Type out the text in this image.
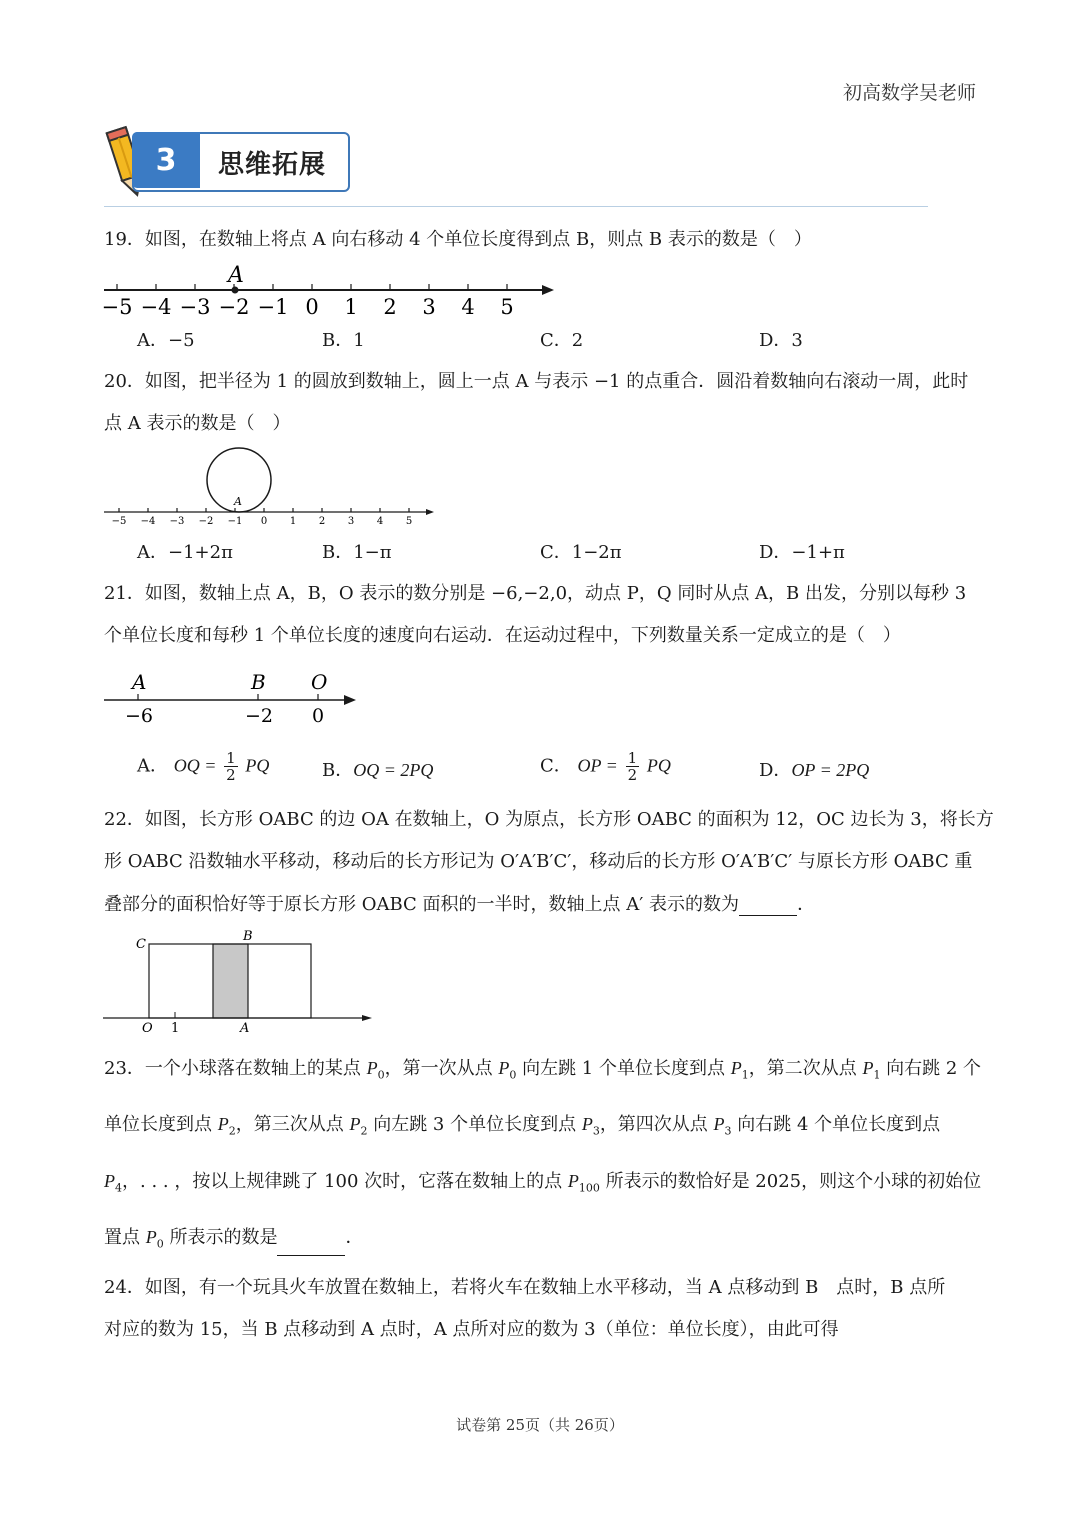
初高数学吴老师
3	思维拓展
19．如图，在数轴上将点 A 向右移动 4 个单位长度得到点 B，则点 B 表示的数是（　）
−5 −4 −3 −2 −1 0 1 2 3 4 5
A
A．−5	B．1	C．2	D．3
20．如图，把半径为 1 的圆放到数轴上，圆上一点 A 与表示 −1 的点重合．圆沿着数轴向右滚动一周，此时
点 A 表示的数是（　）
−5 −4 −3 −2 −1 0 1 2 3 4 5
A
A．−1+2π	B．1−π	C．1−2π	D．−1+π
21．如图，数轴上点 A，B，O 表示的数分别是 −6,−2,0，动点 P，Q 同时从点 A，B 出发，分别以每秒 3
个单位长度和每秒 1 个单位长度的速度向右运动．在运动过程中，下列数量关系一定成立的是（　）
A	B O
−6	−2 0
A． OQ = $\frac{1}{2}$ PQ	B．OQ = 2PQ	C． OP = $\frac{1}{2}$ PQ	D．OP = 2PQ
22．如图，长方形 OABC 的边 OA 在数轴上，O 为原点，长方形 OABC 的面积为 12，OC 边长为 3，将长方
形 OABC 沿数轴水平移动，移动后的长方形记为 O′A′B′C′，移动后的长方形 O′A′B′C′ 与原长方形 OABC 重
叠部分的面积恰好等于原长方形 OABC 面积的一半时，数轴上点 A′ 表示的数为	．
C
B
O 1	A
23．一个小球落在数轴上的某点 $P_0$，第一次从点 $P_0$ 向左跳 1 个单位长度到点 $P_1$，第二次从点 $P_1$ 向右跳 2 个
单位长度到点 $P_2$，第三次从点 $P_2$ 向左跳 3 个单位长度到点 $P_3$，第四次从点 $P_3$ 向右跳 4 个单位长度到点
$P_4$，. . . ，按以上规律跳了 100 次时，它落在数轴上的点 $P_{100}$ 所表示的数恰好是 2025，则这个小球的初始位
置点 $P_0$ 所表示的数是	．
24．如图，有一个玩具火车放置在数轴上，若将火车在数轴上水平移动，当 A 点移动到 B　点时，B 点所
对应的数为 15，当 B 点移动到 A 点时，A 点所对应的数为 3（单位：单位长度），由此可得
试卷第 25页（共 26页）
